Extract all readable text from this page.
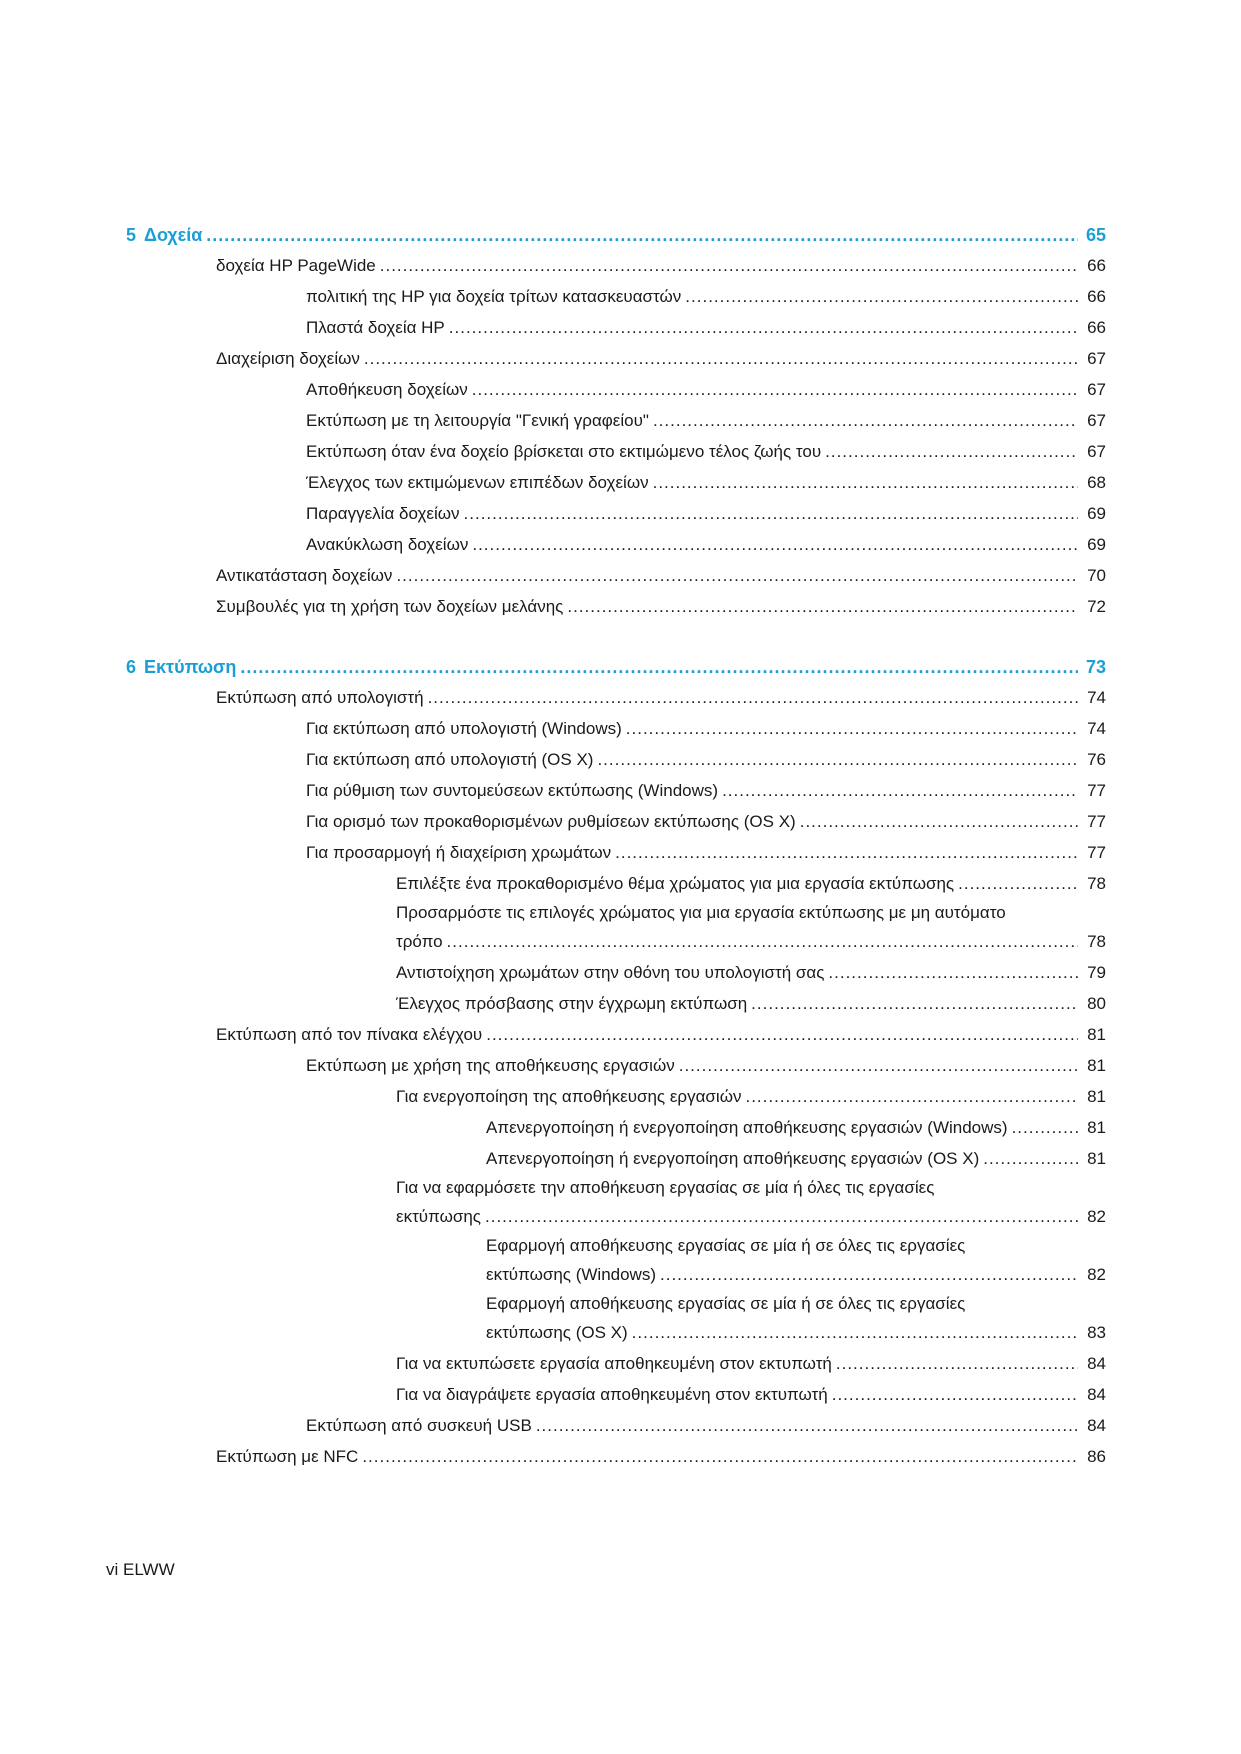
5 Δοχεία .....	65
δοχεία HP PageWide .....	66
πολιτική της HP για δοχεία τρίτων κατασκευαστών .....	66
Πλαστά δοχεία HP .....	66
Διαχείριση δοχείων .....	67
Αποθήκευση δοχείων .....	67
Εκτύπωση με τη λειτουργία "Γενική γραφείου" .....	67
Εκτύπωση όταν ένα δοχείο βρίσκεται στο εκτιμώμενο τέλος ζωής του .....	67
Έλεγχος των εκτιμώμενων επιπέδων δοχείων .....	68
Παραγγελία δοχείων .....	69
Ανακύκλωση δοχείων .....	69
Αντικατάσταση δοχείων .....	70
Συμβουλές για τη χρήση των δοχείων μελάνης .....	72
6 Εκτύπωση .....	73
Εκτύπωση από υπολογιστή .....	74
Για εκτύπωση από υπολογιστή (Windows) .....	74
Για εκτύπωση από υπολογιστή (OS X) .....	76
Για ρύθμιση των συντομεύσεων εκτύπωσης (Windows) .....	77
Για ορισμό των προκαθορισμένων ρυθμίσεων εκτύπωσης (OS X) .....	77
Για προσαρμογή ή διαχείριση χρωμάτων .....	77
Επιλέξτε ένα προκαθορισμένο θέμα χρώματος για μια εργασία εκτύπωσης .....	78
Προσαρμόστε τις επιλογές χρώματος για μια εργασία εκτύπωσης με μη αυτόματο
τρόπο .....	78
Αντιστοίχηση χρωμάτων στην οθόνη του υπολογιστή σας .....	79
Έλεγχος πρόσβασης στην έγχρωμη εκτύπωση .....	80
Εκτύπωση από τον πίνακα ελέγχου .....	81
Εκτύπωση με χρήση της αποθήκευσης εργασιών .....	81
Για ενεργοποίηση της αποθήκευσης εργασιών .....	81
Απενεργοποίηση ή ενεργοποίηση αποθήκευσης εργασιών (Windows) .....	81
Απενεργοποίηση ή ενεργοποίηση αποθήκευσης εργασιών (OS X) .....	81
Για να εφαρμόσετε την αποθήκευση εργασίας σε μία ή όλες τις εργασίες
εκτύπωσης .....	82
Εφαρμογή αποθήκευσης εργασίας σε μία ή σε όλες τις εργασίες
εκτύπωσης (Windows) .....	82
Εφαρμογή αποθήκευσης εργασίας σε μία ή σε όλες τις εργασίες
εκτύπωσης (OS X) .....	83
Για να εκτυπώσετε εργασία αποθηκευμένη στον εκτυπωτή .....	84
Για να διαγράψετε εργασία αποθηκευμένη στον εκτυπωτή .....	84
Εκτύπωση από συσκευή USB .....	84
Εκτύπωση με NFC .....	86
vi ELWW
